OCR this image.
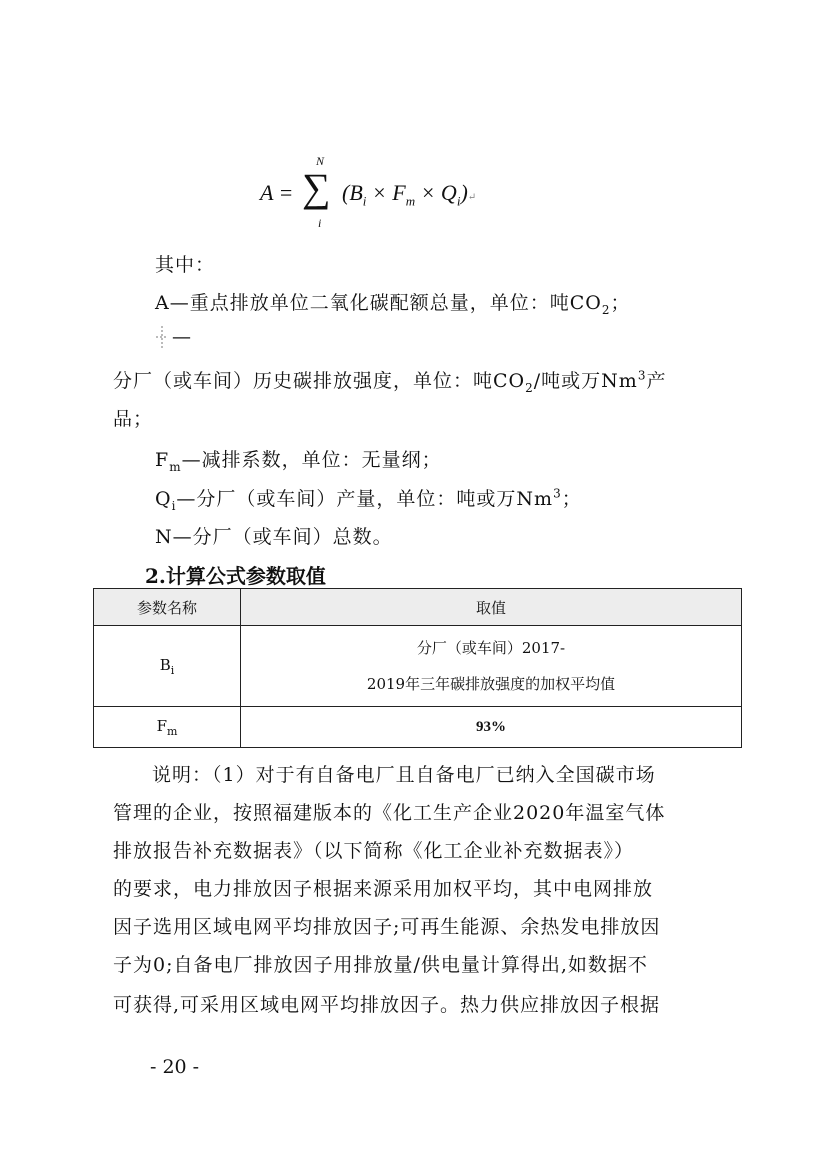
A = ∑
N
i
($B_i \times F_m$ × $Q_i)↵$
其中：
A—重点排放单位二氧化碳配额总量，单位：吨$CO_2$；
—
分厂（或车间）历史碳排放强度，单位：吨$CO_2/$吨或万Nm$^3$产
品；
$F_m—$减排系数，单位：无量纲；
$Q_i—$分厂（或车间）产量，单位：吨或万Nm$^3$；
N—分厂（或车间）总数。
2.计算公式参数取值
参数名称	取值
$B_i$	分厂（或车间）2017-
2019年三年碳排放强度的加权平均值

$F_m$	93%
说明：（1）对于有自备电厂且自备电厂已纳入全国碳市场
管理的企业，按照福建版本的《化工生产企业2020年温室气体
排放报告补充数据表》（以下简称《化工企业补充数据表》）
的要求，电力排放因子根据来源采用加权平均，其中电网排放
因子选用区域电网平均排放因子;可再生能源、余热发电排放因
子为0;自备电厂排放因子用排放量/供电量计算得出,如数据不
可获得,可采用区域电网平均排放因子。热力供应排放因子根据
- 20 -
